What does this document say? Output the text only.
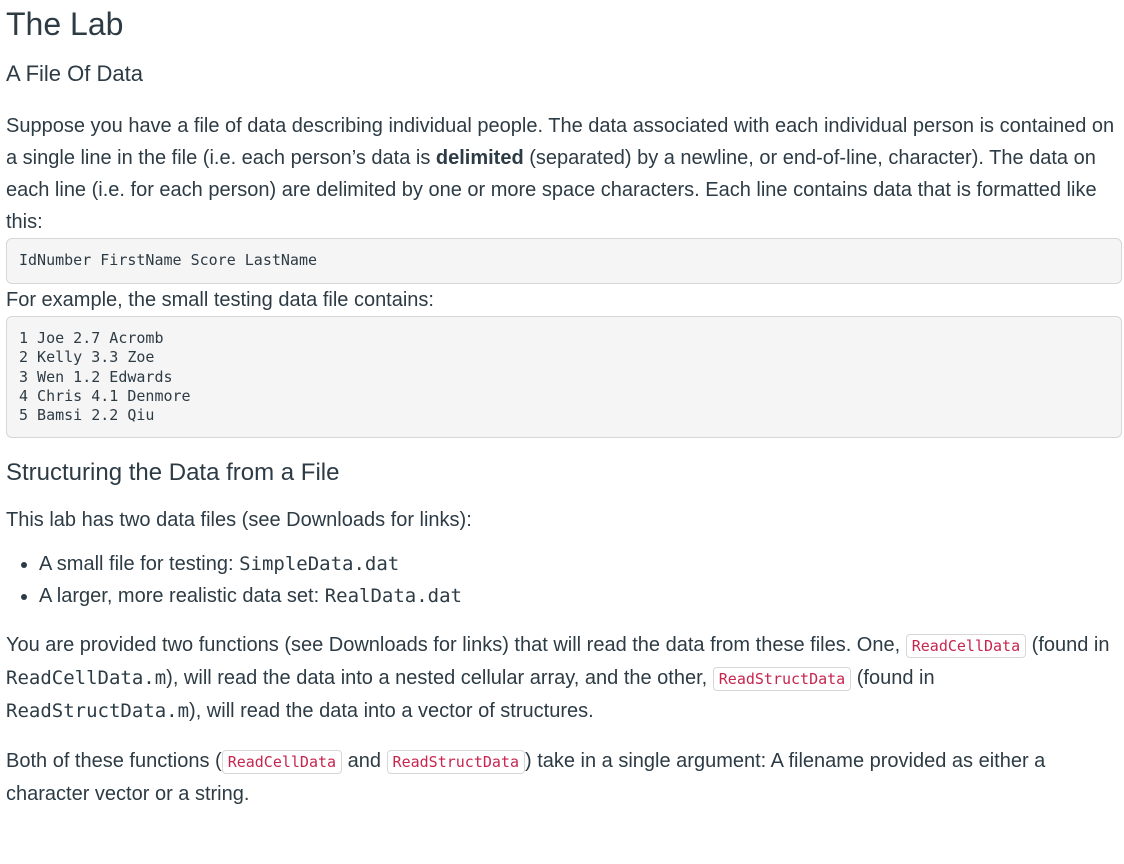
The Lab
A File Of Data

Suppose you have a file of data describing individual people. The data associated with each individual person is contained on a single line in the file (i.e. each person’s data is delimited (separated) by a newline, or end-of-line, character). The data on each line (i.e. for each person) are delimited by one or more space characters. Each line contains data that is formatted like this:

IdNumber FirstName Score LastName

For example, the small testing data file contains:

1 Joe 2.7 Acromb
2 Kelly 3.3 Zoe
3 Wen 1.2 Edwards
4 Chris 4.1 Denmore
5 Bamsi 2.2 Qiu
Structuring the Data from a File

This lab has two data files (see Downloads for links):

• A small file for testing: SimpleData.dat
• A larger, more realistic data set: RealData.dat

You are provided two functions (see Downloads for links) that will read the data from these files. One, ReadCellData (found in ReadCellData.m), will read the data into a nested cellular array, and the other, ReadStructData (found in ReadStructData.m), will read the data into a vector of structures.

Both of these functions ( ReadCellData and ReadStructData ) take in a single argument: A filename provided as either a character vector or a string.
